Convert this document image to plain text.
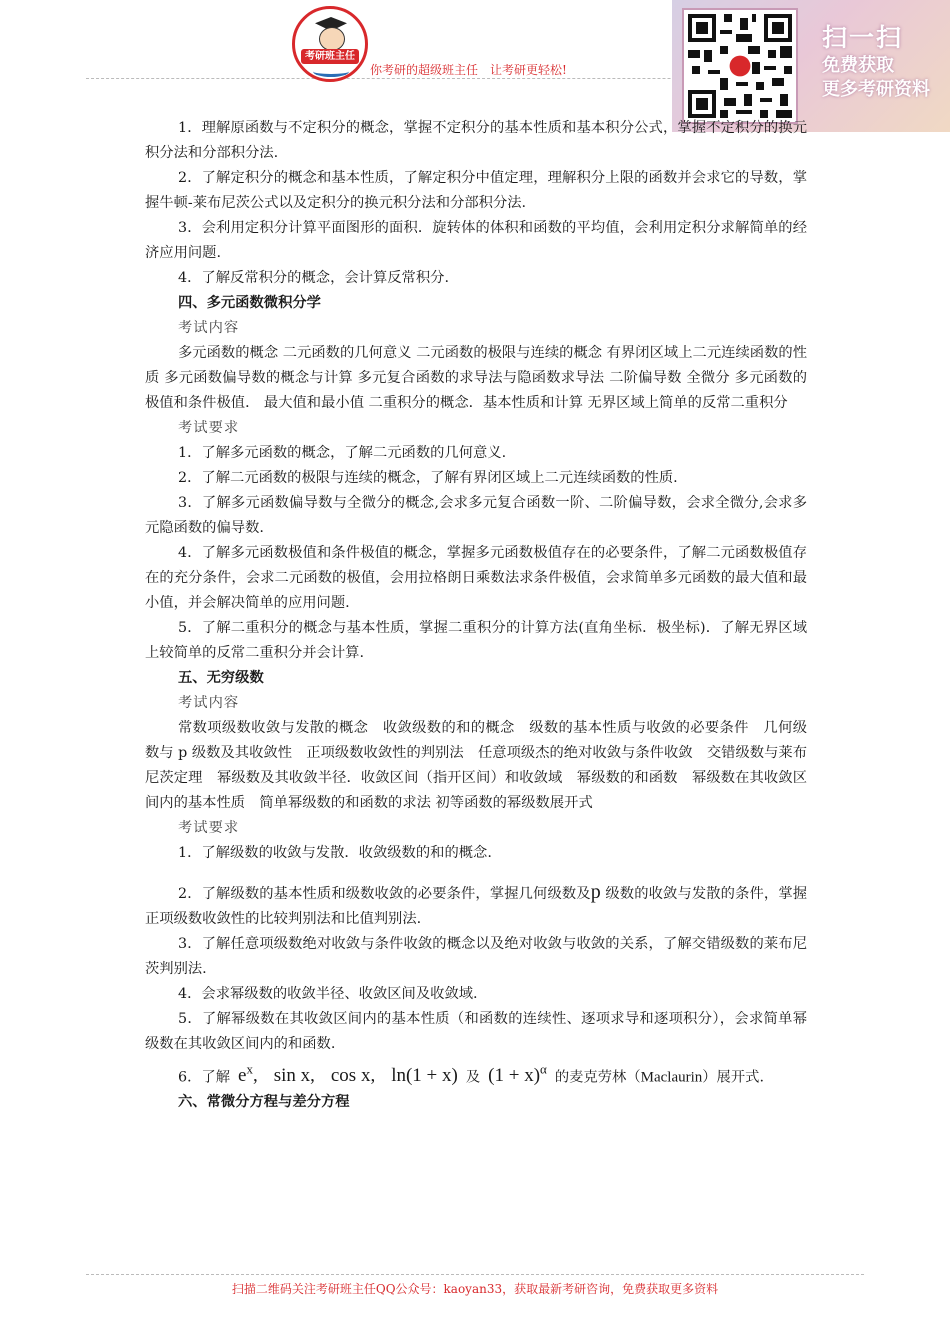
考研班主任
你考研的超级班主任　让考研更轻松!
扫一扫
免费获取
更多考研资料

1．理解原函数与不定积分的概念，掌握不定积分的基本性质和基本积分公式，掌握不定积分的换元积分法和分部积分法.

2．了解定积分的概念和基本性质，了解定积分中值定理，理解积分上限的函数并会求它的导数，掌握牛顿-莱布尼茨公式以及定积分的换元积分法和分部积分法.

3．会利用定积分计算平面图形的面积．旋转体的体积和函数的平均值，会利用定积分求解简单的经济应用问题.

4．了解反常积分的概念，会计算反常积分.

四、多元函数微积分学

考试内容

多元函数的概念 二元函数的几何意义 二元函数的极限与连续的概念 有界闭区域上二元连续函数的性质 多元函数偏导数的概念与计算 多元复合函数的求导法与隐函数求导法 二阶偏导数 全微分 多元函数的极值和条件极值． 最大值和最小值 二重积分的概念．基本性质和计算 无界区域上简单的反常二重积分

考试要求

1．了解多元函数的概念，了解二元函数的几何意义.

2．了解二元函数的极限与连续的概念，了解有界闭区域上二元连续函数的性质.

3．了解多元函数偏导数与全微分的概念,会求多元复合函数一阶、二阶偏导数，会求全微分,会求多元隐函数的偏导数.

4．了解多元函数极值和条件极值的概念，掌握多元函数极值存在的必要条件，了解二元函数极值存在的充分条件，会求二元函数的极值，会用拉格朗日乘数法求条件极值，会求简单多元函数的最大值和最小值，并会解决简单的应用问题.

5．了解二重积分的概念与基本性质，掌握二重积分的计算方法(直角坐标．极坐标)．了解无界区域上较简单的反常二重积分并会计算.

五、无穷级数

考试内容

常数项级数收敛与发散的概念　收敛级数的和的概念　级数的基本性质与收敛的必要条件　几何级数与 p 级数及其收敛性　正项级数收敛性的判别法　任意项级杰的绝对收敛与条件收敛　交错级数与莱布尼茨定理　幂级数及其收敛半径．收敛区间（指开区间）和收敛域　幂级数的和函数　幂级数在其收敛区间内的基本性质　简单幂级数的和函数的求法 初等函数的幂级数展开式

考试要求

1．了解级数的收敛与发散．收敛级数的和的概念.

2．了解级数的基本性质和级数收敛的必要条件，掌握几何级数及p 级数的收敛与发散的条件，掌握正项级数收敛性的比较判别法和比值判别法.

3．了解任意项级数绝对收敛与条件收敛的概念以及绝对收敛与收敛的关系，了解交错级数的莱布尼茨判别法.

4．会求幂级数的收敛半径、收敛区间及收敛域.

5．了解幂级数在其收敛区间内的基本性质（和函数的连续性、逐项求导和逐项积分），会求简单幂级数在其收敛区间内的和函数.

6．了解 $e^x$, sin x, cos x, ln(1 + x) 及 $(1 + x)^\alpha$ 的麦克劳林（Maclaurin）展开式.

六、常微分方程与差分方程

扫描二维码关注考研班主任QQ公众号：kaoyan33，获取最新考研咨询，免费获取更多资料
